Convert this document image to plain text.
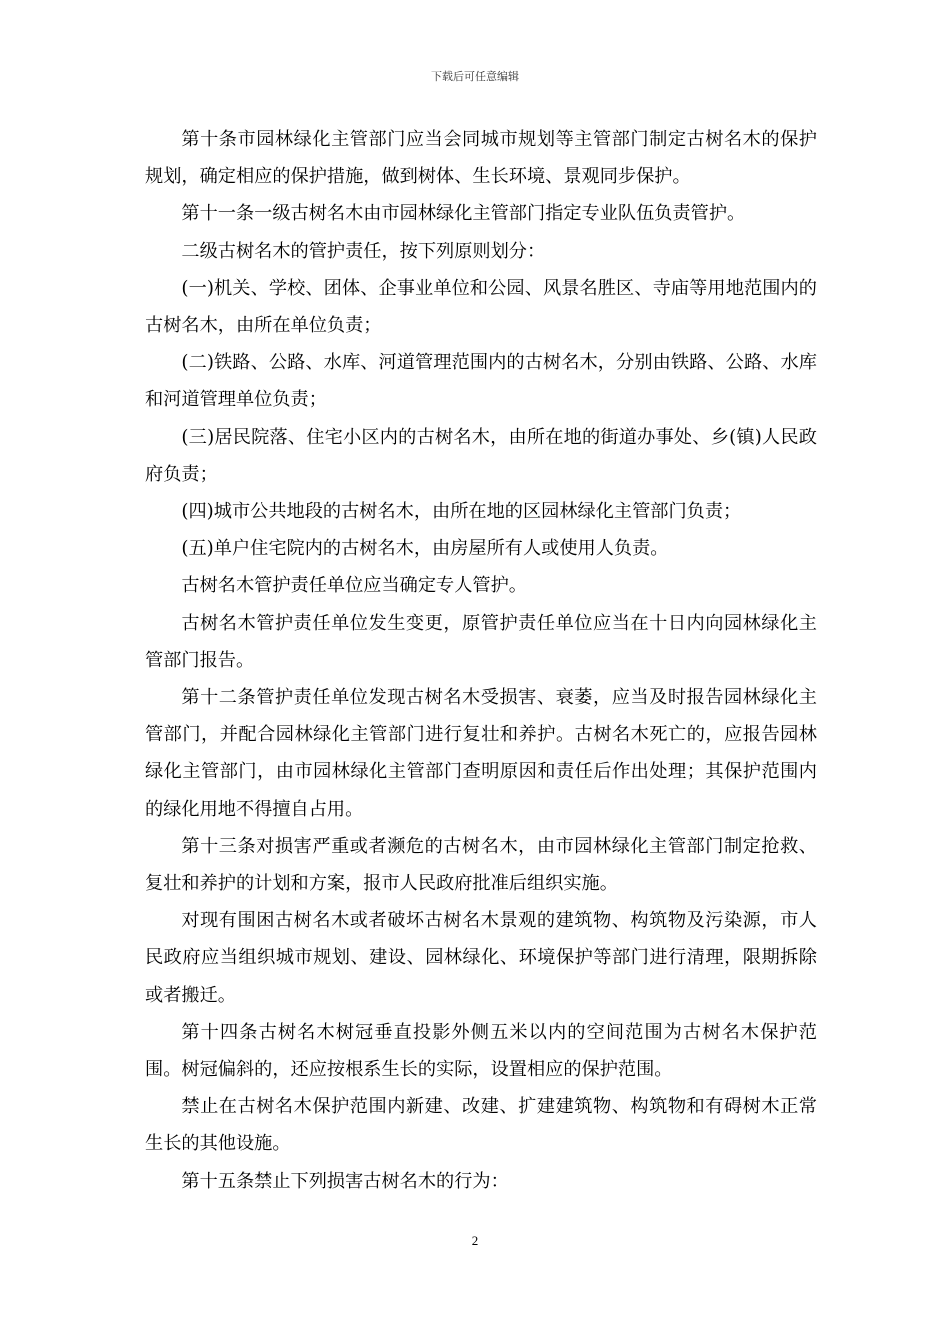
下载后可任意编辑

第十条市园林绿化主管部门应当会同城市规划等主管部门制定古树名木的保护规划，确定相应的保护措施，做到树体、生长环境、景观同步保护。

第十一条一级古树名木由市园林绿化主管部门指定专业队伍负责管护。

二级古树名木的管护责任，按下列原则划分：

(一)机关、学校、团体、企事业单位和公园、风景名胜区、寺庙等用地范围内的古树名木，由所在单位负责；

(二)铁路、公路、水库、河道管理范围内的古树名木，分别由铁路、公路、水库和河道管理单位负责；

(三)居民院落、住宅小区内的古树名木，由所在地的街道办事处、乡(镇)人民政府负责；

(四)城市公共地段的古树名木，由所在地的区园林绿化主管部门负责；

(五)单户住宅院内的古树名木，由房屋所有人或使用人负责。

古树名木管护责任单位应当确定专人管护。

古树名木管护责任单位发生变更，原管护责任单位应当在十日内向园林绿化主管部门报告。

第十二条管护责任单位发现古树名木受损害、衰萎，应当及时报告园林绿化主管部门，并配合园林绿化主管部门进行复壮和养护。古树名木死亡的，应报告园林绿化主管部门，由市园林绿化主管部门查明原因和责任后作出处理；其保护范围内的绿化用地不得擅自占用。

第十三条对损害严重或者濒危的古树名木，由市园林绿化主管部门制定抢救、复壮和养护的计划和方案，报市人民政府批准后组织实施。

对现有围困古树名木或者破坏古树名木景观的建筑物、构筑物及污染源，市人民政府应当组织城市规划、建设、园林绿化、环境保护等部门进行清理，限期拆除或者搬迁。

第十四条古树名木树冠垂直投影外侧五米以内的空间范围为古树名木保护范围。树冠偏斜的，还应按根系生长的实际，设置相应的保护范围。

禁止在古树名木保护范围内新建、改建、扩建建筑物、构筑物和有碍树木正常生长的其他设施。

第十五条禁止下列损害古树名木的行为：

2
